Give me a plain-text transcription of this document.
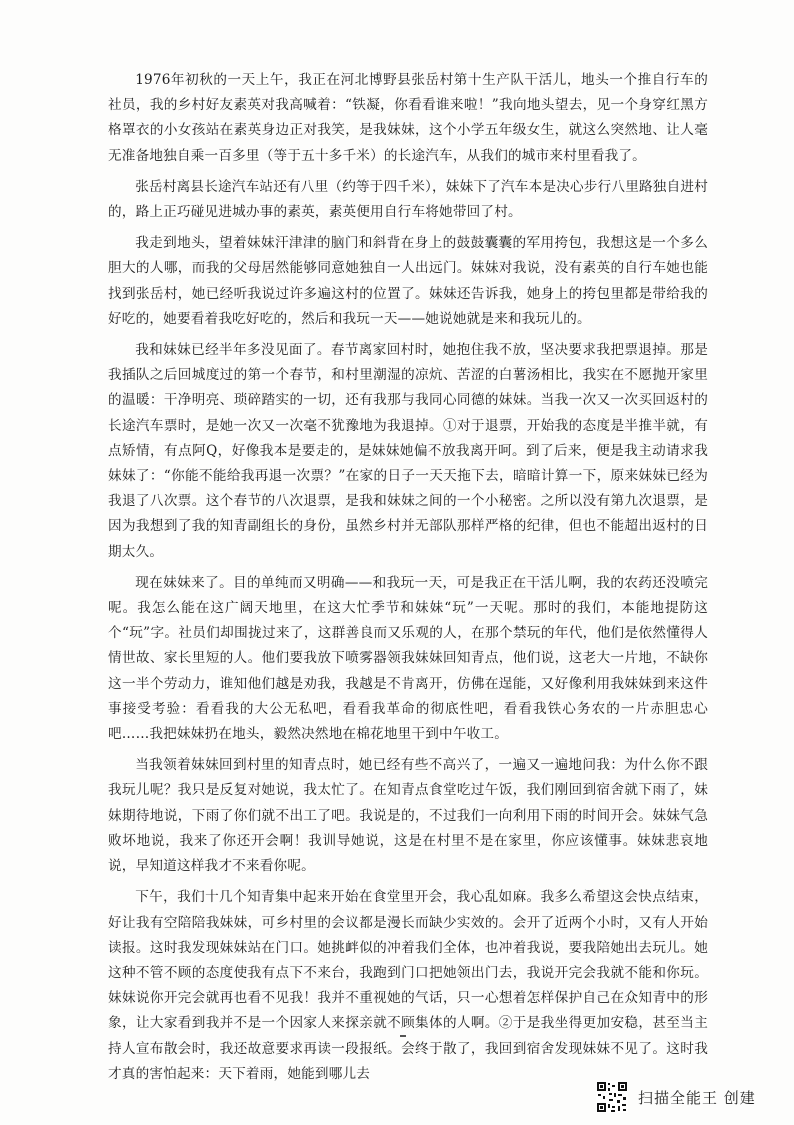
1976年初秋的一天上午，我正在河北博野县张岳村第十生产队干活儿，地头一个推自行车的社员，我的乡村好友素英对我高喊着：“铁凝，你看看谁来啦！”我向地头望去，见一个身穿红黑方格罩衣的小女孩站在素英身边正对我笑，是我妹妹，这个小学五年级女生，就这么突然地、让人毫无准备地独自乘一百多里（等于五十多千米）的长途汽车，从我们的城市来村里看我了。

张岳村离县长途汽车站还有八里（约等于四千米），妹妹下了汽车本是决心步行八里路独自进村的，路上正巧碰见进城办事的素英，素英便用自行车将她带回了村。

我走到地头，望着妹妹汗津津的脑门和斜背在身上的鼓鼓囊囊的军用挎包，我想这是一个多么胆大的人哪，而我的父母居然能够同意她独自一人出远门。妹妹对我说，没有素英的自行车她也能找到张岳村，她已经听我说过许多遍这村的位置了。妹妹还告诉我，她身上的挎包里都是带给我的好吃的，她要看着我吃好吃的，然后和我玩一天——她说她就是来和我玩儿的。

我和妹妹已经半年多没见面了。春节离家回村时，她抱住我不放，坚决要求我把票退掉。那是我插队之后回城度过的第一个春节，和村里潮湿的凉炕、苦涩的白薯汤相比，我实在不愿抛开家里的温暖：干净明亮、琐碎踏实的一切，还有我那与我同心同德的妹妹。当我一次又一次买回返村的长途汽车票时，是她一次又一次毫不犹豫地为我退掉。①对于退票，开始我的态度是半推半就，有点矫情，有点阿Q，好像我本是要走的，是妹妹她偏不放我离开呵。到了后来，便是我主动请求我妹妹了：“你能不能给我再退一次票？”在家的日子一天天拖下去，暗暗计算一下，原来妹妹已经为我退了八次票。这个春节的八次退票，是我和妹妹之间的一个小秘密。之所以没有第九次退票，是因为我想到了我的知青副组长的身份，虽然乡村并无部队那样严格的纪律，但也不能超出返村的日期太久。

现在妹妹来了。目的单纯而又明确——和我玩一天，可是我正在干活儿啊，我的农药还没喷完呢。我怎么能在这广阔天地里，在这大忙季节和妹妹“玩”一天呢。那时的我们，本能地提防这个“玩”字。社员们却围拢过来了，这群善良而又乐观的人，在那个禁玩的年代，他们是依然懂得人情世故、家长里短的人。他们要我放下喷雾器领我妹妹回知青点，他们说，这老大一片地，不缺你这一半个劳动力，谁知他们越是劝我，我越是不肯离开，仿佛在逞能，又好像利用我妹妹到来这件事接受考验：看看我的大公无私吧，看看我革命的彻底性吧，看看我铁心务农的一片赤胆忠心吧……我把妹妹扔在地头，毅然决然地在棉花地里干到中午收工。

当我领着妹妹回到村里的知青点时，她已经有些不高兴了，一遍又一遍地问我：为什么你不跟我玩儿呢？我只是反复对她说，我太忙了。在知青点食堂吃过午饭，我们刚回到宿舍就下雨了，妹妹期待地说，下雨了你们就不出工了吧。我说是的，不过我们一向利用下雨的时间开会。妹妹气急败坏地说，我来了你还开会啊！我训导她说，这是在村里不是在家里，你应该懂事。妹妹悲哀地说，早知道这样我才不来看你呢。

下午，我们十几个知青集中起来开始在食堂里开会，我心乱如麻。我多么希望这会快点结束，好让我有空陪陪我妹妹，可乡村里的会议都是漫长而缺少实效的。会开了近两个小时，又有人开始读报。这时我发现妹妹站在门口。她挑衅似的冲着我们全体，也冲着我说，要我陪她出去玩儿。她这种不管不顾的态度使我有点下不来台，我跑到门口把她领出门去，我说开完会我就不能和你玩。妹妹说你开完会就再也看不见我！我并不重视她的气话，只一心想着怎样保护自己在众知青中的形象，让大家看到我并不是一个因家人来探亲就不顾集体的人啊。②于是我坐得更加安稳，甚至当主持人宣布散会时，我还故意要求再读一段报纸。会终于散了，我回到宿舍发现妹妹不见了。这时我才真的害怕起来：天下着雨，她能到哪儿去

扫描全能王 创建
